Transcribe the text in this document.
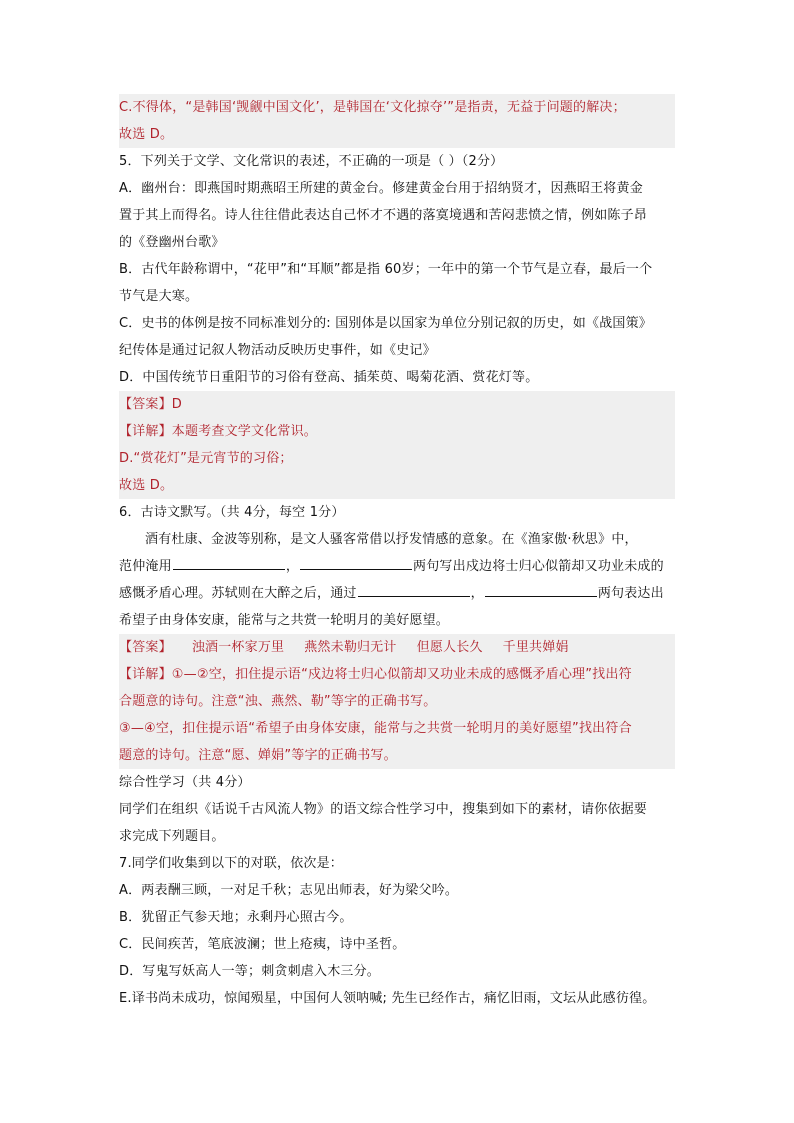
C.不得体，“是韩国‘觊觎中国文化’，是韩国在‘文化掠夺’”是指责，无益于问题的解决；
故选 D。
5．下列关于文学、文化常识的表述，不正确的一项是（ ）（2分）
A．幽州台：即燕国时期燕昭王所建的黄金台。修建黄金台用于招纳贤才，因燕昭王将黄金
置于其上而得名。诗人往往借此表达自己怀才不遇的落寞境遇和苦闷悲愤之情，例如陈子昂
的《登幽州台歌》
B．古代年龄称谓中，“花甲”和“耳顺”都是指 60岁；一年中的第一个节气是立春，最后一个
节气是大寒。
C．史书的体例是按不同标准划分的: 国别体是以国家为单位分别记叙的历史，如《战国策》
纪传体是通过记叙人物活动反映历史事件，如《史记》
D．中国传统节日重阳节的习俗有登高、插茱萸、喝菊花酒、赏花灯等。
【答案】D
【详解】本题考查文学文化常识。
D.“赏花灯”是元宵节的习俗；
故选 D。
6．古诗文默写。（共 4分，每空 1分）
酒有杜康、金波等别称，是文人骚客常借以抒发情感的意象。在《渔家傲·秋思》中，
范仲淹用	，	两句写出戍边将士归心似箭却又功业未成的
感慨矛盾心理。苏轼则在大醉之后，通过	，	两句表达出
希望子由身体安康，能常与之共赏一轮明月的美好愿望。
【答案】 浊酒一杯家万里 燕然未勒归无计 但愿人长久 千里共婵娟
【详解】①—②空，扣住提示语“戍边将士归心似箭却又功业未成的感慨矛盾心理”找出符
合题意的诗句。注意“浊、燕然、勒”等字的正确书写。
③—④空，扣住提示语“希望子由身体安康，能常与之共赏一轮明月的美好愿望”找出符合
题意的诗句。注意“愿、婵娟”等字的正确书写。
综合性学习（共 4分）
同学们在组织《话说千古风流人物》的语文综合性学习中，搜集到如下的素材，请你依据要
求完成下列题目。
7.同学们收集到以下的对联，依次是：
A．两表酬三顾，一对足千秋；志见出师表，好为梁父吟。
B．犹留正气参天地；永剩丹心照古今。
C．民间疾苦，笔底波澜；世上疮痍，诗中圣哲。
D．写鬼写妖高人一等；刺贪刺虐入木三分。
E.译书尚未成功，惊闻殒星，中国何人领呐喊; 先生已经作古，痛忆旧雨，文坛从此感彷徨。
